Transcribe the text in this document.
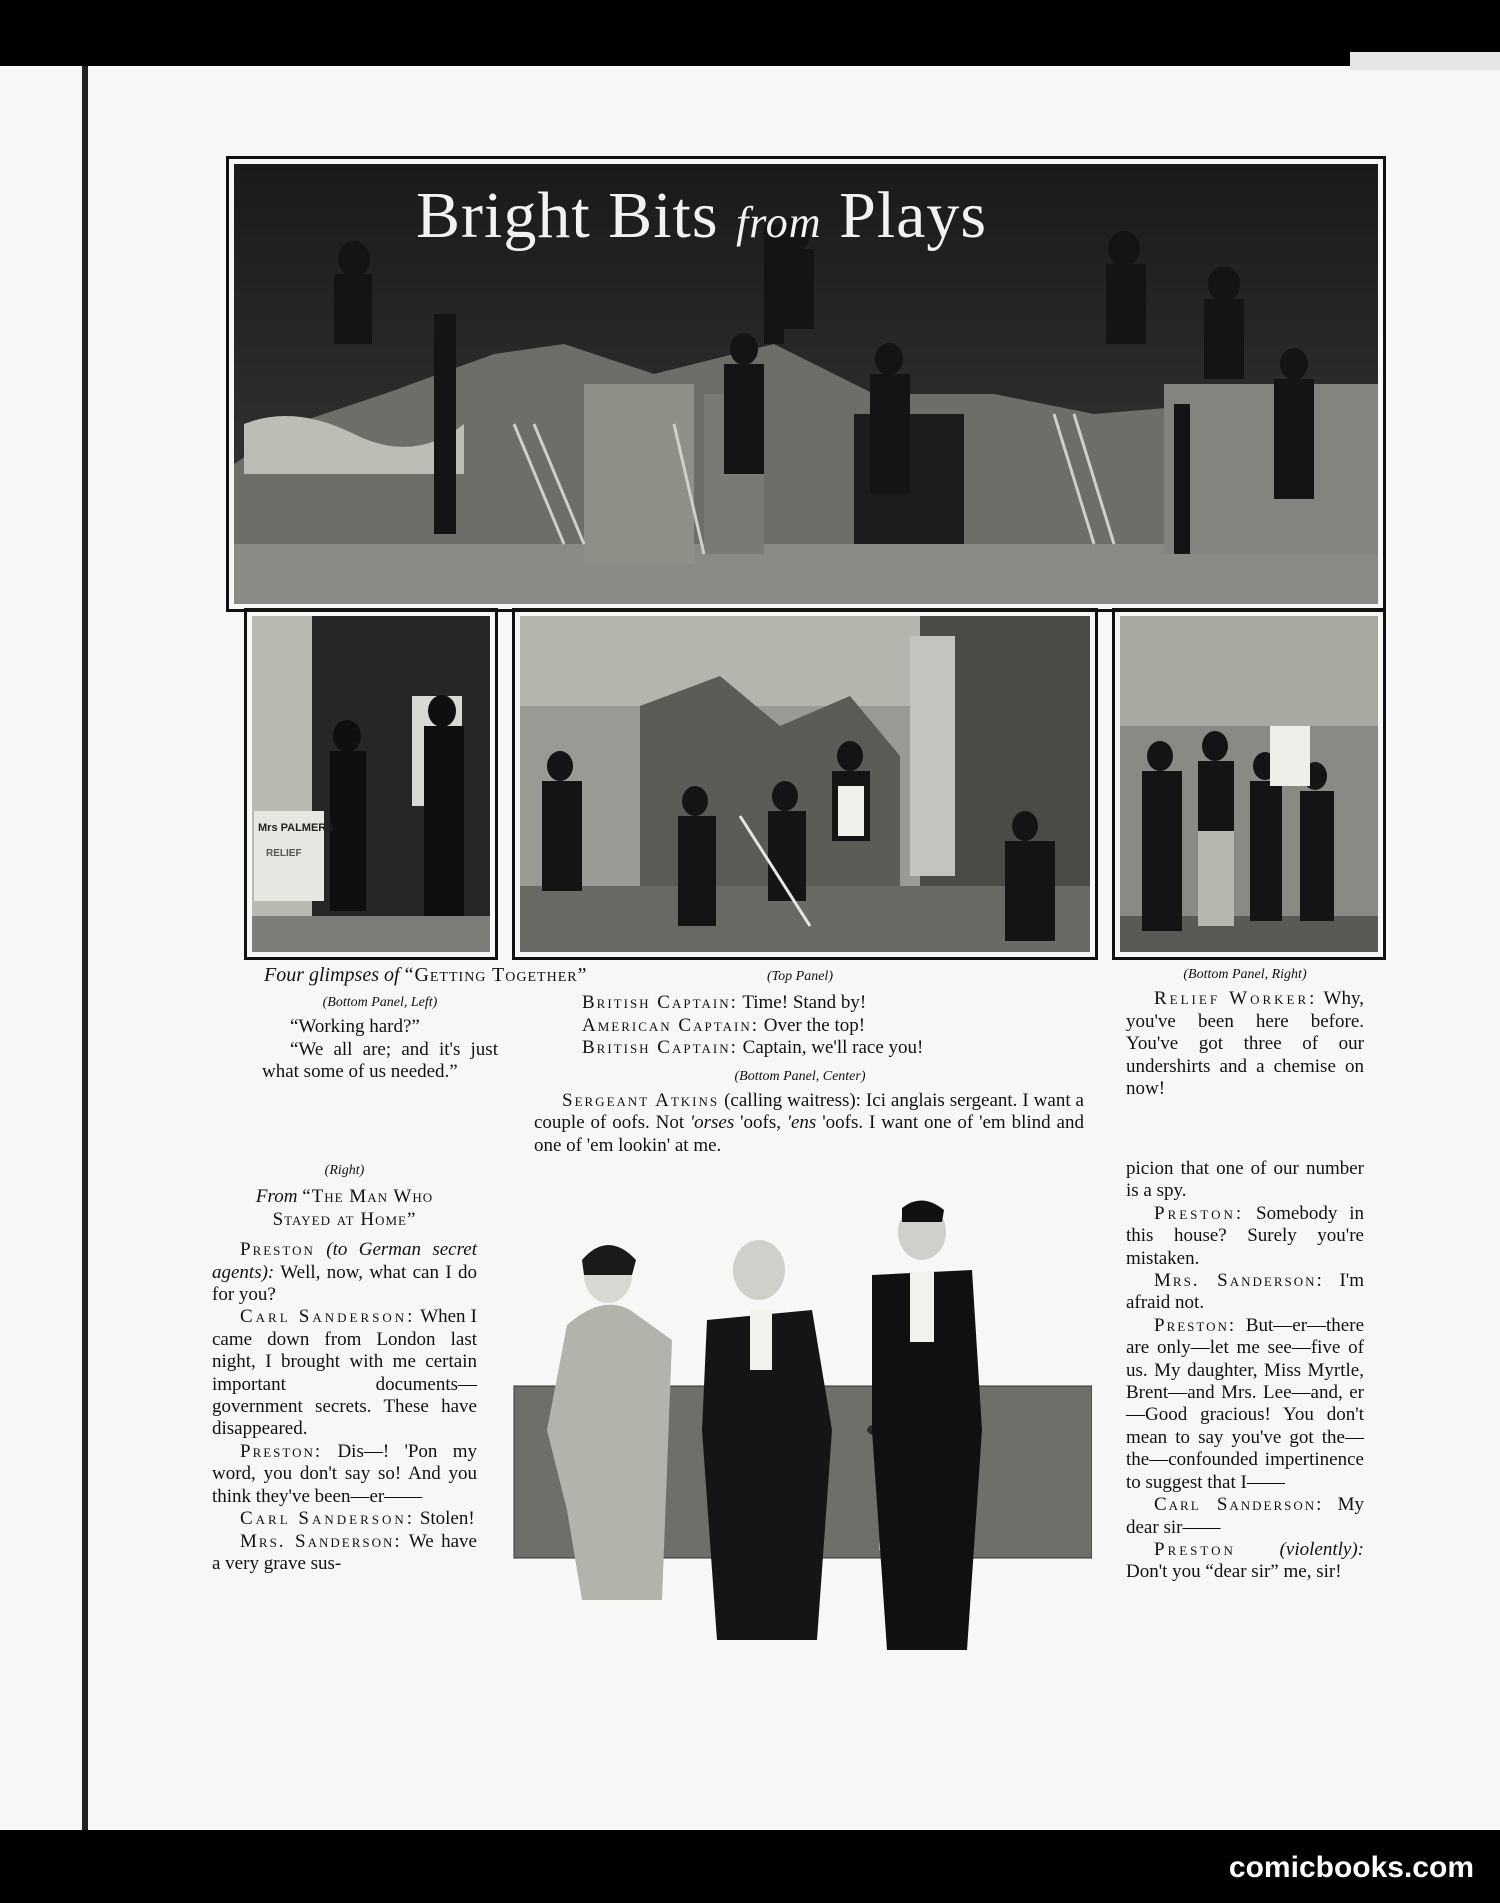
Bright Bits from Plays
Mrs PALMERS
RELIEF
Four glimpses of “Getting Together”
(Bottom Panel, Left)
“Working hard?”
“We all are; and it's just what some of us needed.”
(Top Panel)
British Captain: Time! Stand by!
American Captain: Over the top!
British Captain: Captain, we'll race you!
(Bottom Panel, Center)
Sergeant Atkins (calling waitress): Ici anglais sergeant. I want a couple of oofs. Not 'orses 'oofs, 'ens 'oofs. I want one of 'em blind and one of 'em lookin' at me.
(Bottom Panel, Right)
Relief Worker: Why, you've been here before. You've got three of our undershirts and a chemise on now!
(Right)
From “The Man Who
Stayed at Home”
Preston (to German secret agents): Well, now, what can I do for you?
Carl Sanderson: When I came down from London last night, I brought with me certain important documents—government secrets. These have disappeared.
Preston: Dis—! 'Pon my word, you don't say so! And you think they've been—er——
Carl Sanderson: Stolen!
Mrs. Sanderson: We have a very grave sus-
picion that one of our number is a spy.
Preston: Somebody in this house? Surely you're mistaken.
Mrs. Sanderson: I'm afraid not.
Preston: But—er—there are only—let me see—five of us. My daughter, Miss Myrtle, Brent—and Mrs. Lee—and, er—Good gracious! You don't mean to say you've got the—the—confounded impertinence to suggest that I——
Carl Sanderson: My dear sir——
Preston (violently): Don't you “dear sir” me, sir!
comicbooks.com
